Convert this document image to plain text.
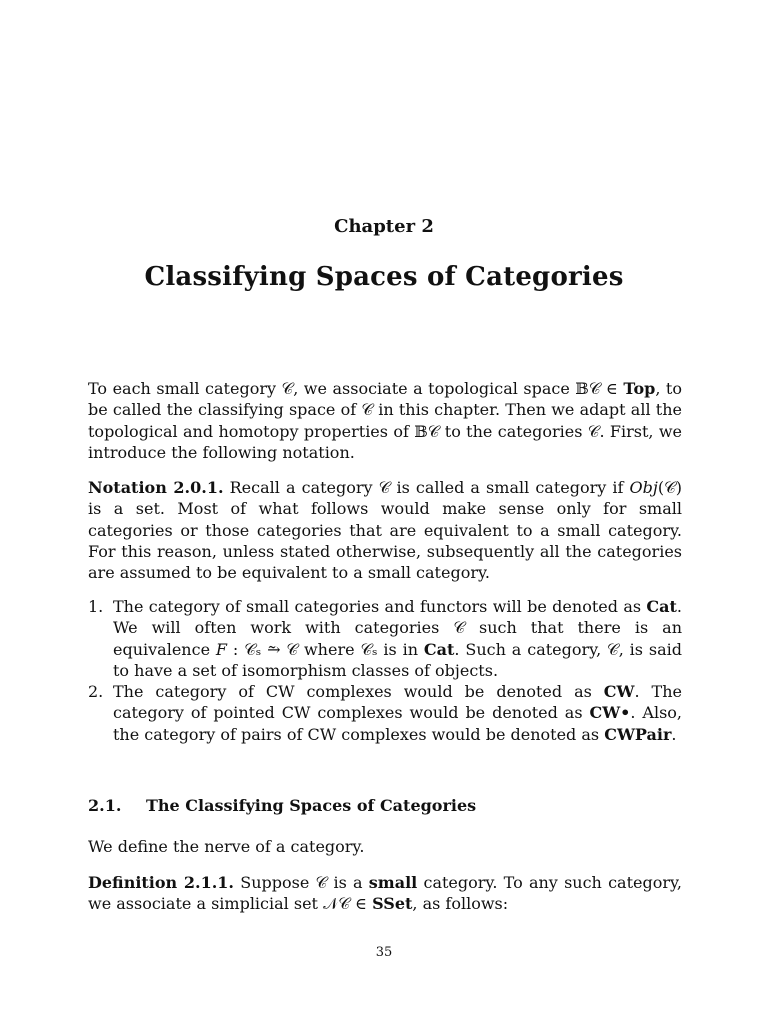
Chapter 2
Classifying Spaces of Categories
To each small category 𝒞, we associate a topological space 𝔹𝒞 ∈ Top, to be called the classifying space of 𝒞 in this chapter. Then we adapt all the topological and homotopy properties of 𝔹𝒞 to the categories 𝒞. First, we introduce the following notation.
Notation 2.0.1. Recall a category 𝒞 is called a small category if Obj(𝒞) is a set. Most of what follows would make sense only for small categories or those categories that are equivalent to a small category. For this reason, unless stated otherwise, subsequently all the categories are assumed to be equivalent to a small category.
1. The category of small categories and functors will be denoted as Cat. We will often work with categories 𝒞 such that there is an equivalence F : 𝒞ₛ ⥲ 𝒞 where 𝒞ₛ is in Cat. Such a category, 𝒞, is said to have a set of isomorphism classes of objects.
2. The category of CW complexes would be denoted as CW. The category of pointed CW complexes would be denoted as CW•. Also, the category of pairs of CW complexes would be denoted as CWPair.
2.1. The Classifying Spaces of Categories
We define the nerve of a category.
Definition 2.1.1. Suppose 𝒞 is a small category. To any such category, we associate a simplicial set 𝒩𝒞 ∈ SSet, as follows:
35
